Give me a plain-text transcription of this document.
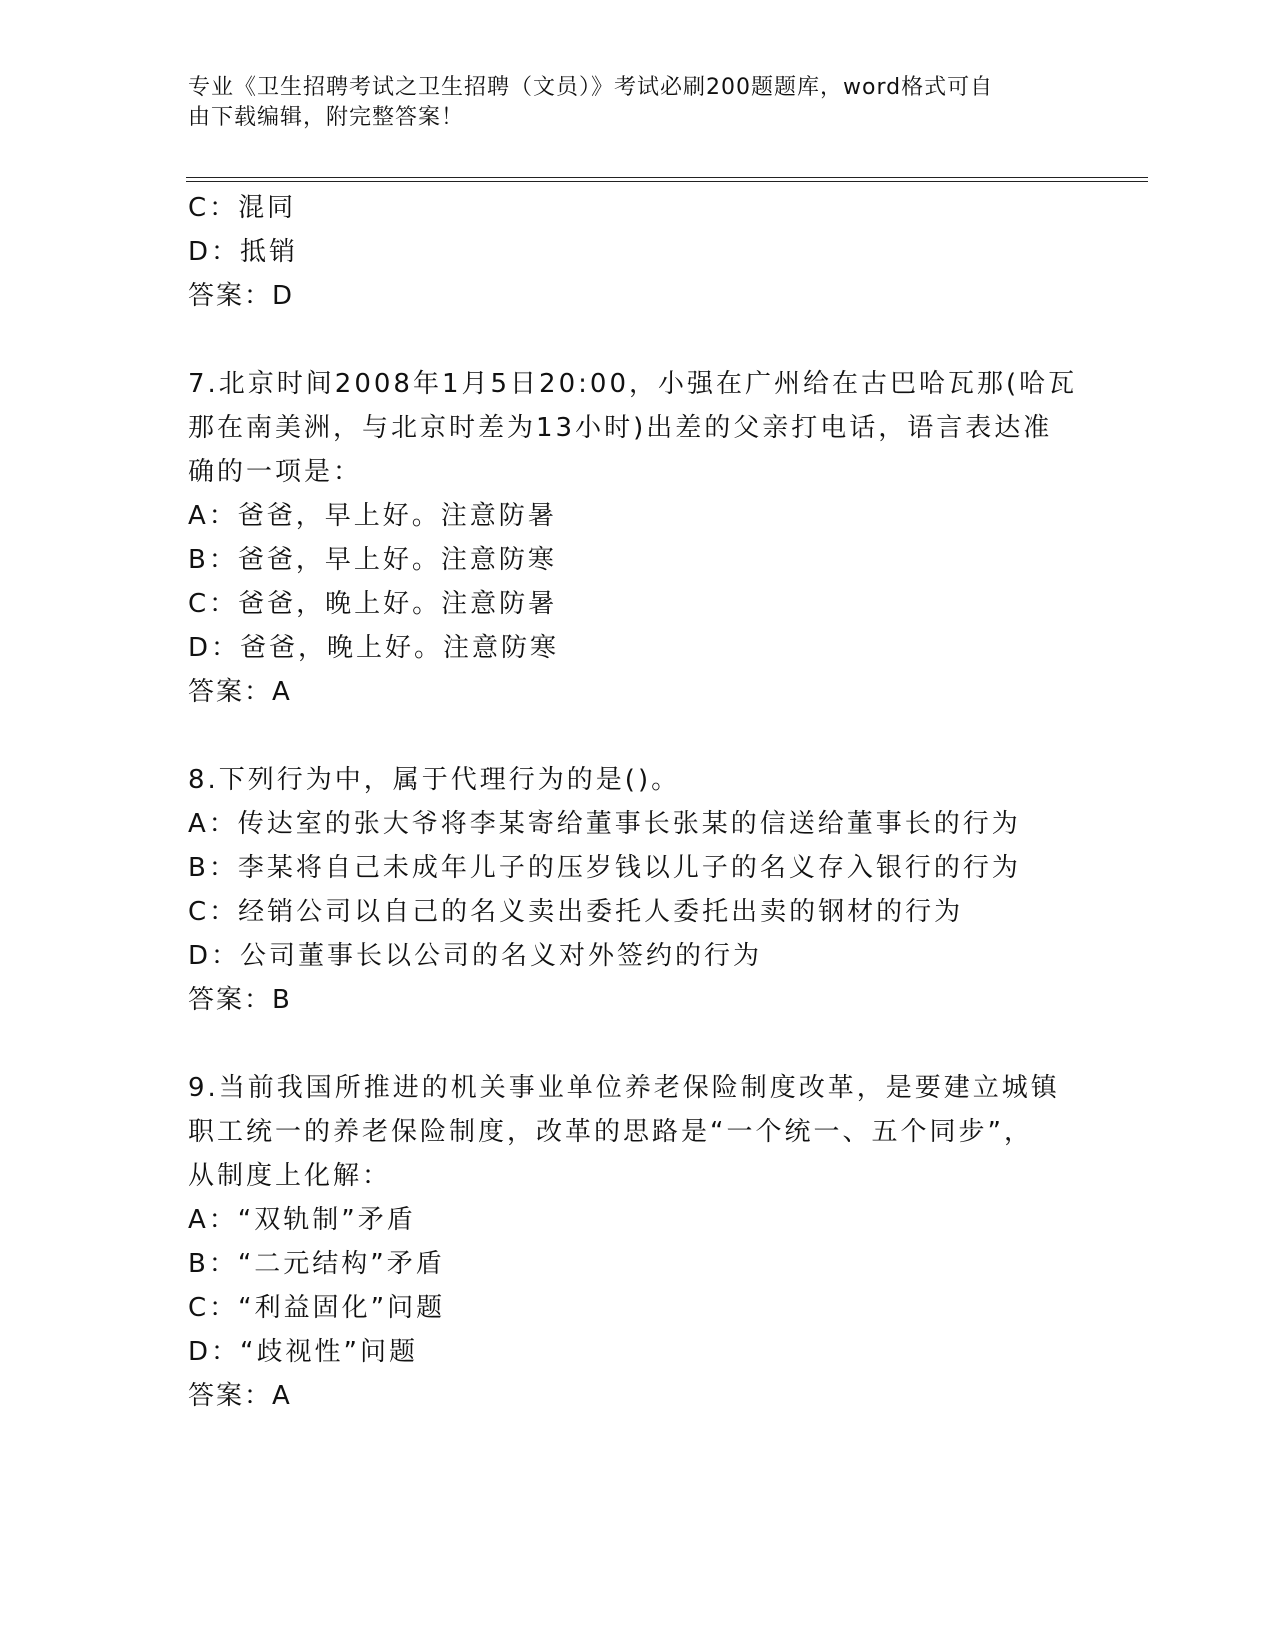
专业《卫生招聘考试之卫生招聘（文员）》考试必刷200题题库，word格式可自
由下载编辑，附完整答案！
C：混同
D：抵销
答案：D
7.北京时间2008年1月5日20:00，小强在广州给在古巴哈瓦那(哈瓦
那在南美洲，与北京时差为13小时)出差的父亲打电话，语言表达准
确的一项是：
A：爸爸，早上好。注意防暑
B：爸爸，早上好。注意防寒
C：爸爸，晚上好。注意防暑
D：爸爸，晚上好。注意防寒
答案：A
8.下列行为中，属于代理行为的是()。
A：传达室的张大爷将李某寄给董事长张某的信送给董事长的行为
B：李某将自己未成年儿子的压岁钱以儿子的名义存入银行的行为
C：经销公司以自己的名义卖出委托人委托出卖的钢材的行为
D：公司董事长以公司的名义对外签约的行为
答案：B
9.当前我国所推进的机关事业单位养老保险制度改革，是要建立城镇
职工统一的养老保险制度，改革的思路是“一个统一、五个同步”，
从制度上化解：
A：“双轨制”矛盾
B：“二元结构”矛盾
C：“利益固化”问题
D：“歧视性”问题
答案：A
